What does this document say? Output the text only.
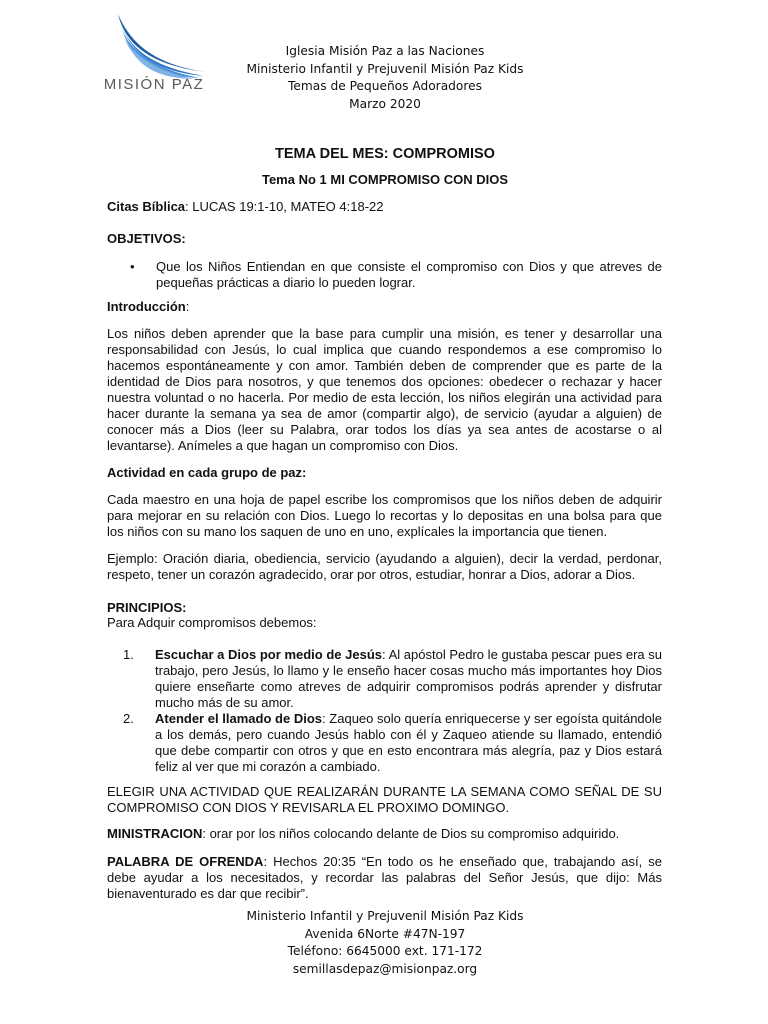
MISIÓN PAZ
Iglesia Misión Paz a las Naciones
Ministerio Infantil y Prejuvenil Misión Paz Kids
Temas de Pequeños Adoradores
Marzo 2020
TEMA DEL MES: COMPROMISO
Tema No 1 MI COMPROMISO CON DIOS
Citas Bíblica: LUCAS 19:1-10, MATEO 4:18-22
OBJETIVOS:
• Que los Niños Entiendan en que consiste el compromiso con Dios y que atreves de pequeñas prácticas a diario lo pueden lograr.
Introducción:
Los niños deben aprender que la base para cumplir una misión, es tener y desarrollar una responsabilidad con Jesús, lo cual implica que cuando respondemos a ese compromiso lo hacemos espontáneamente y con amor. También deben de comprender que es parte de la identidad de Dios para nosotros, y que tenemos dos opciones: obedecer o rechazar y hacer nuestra voluntad o no hacerla. Por medio de esta lección, los niños elegirán una actividad para hacer durante la semana ya sea de amor (compartir algo), de servicio (ayudar a alguien) de conocer más a Dios (leer su Palabra, orar todos los días ya sea antes de acostarse o al levantarse). Anímeles a que hagan un compromiso con Dios.
Actividad en cada grupo de paz:
Cada maestro en una hoja de papel escribe los compromisos que los niños deben de adquirir para mejorar en su relación con Dios. Luego lo recortas y lo depositas en una bolsa para que los niños con su mano los saquen de uno en uno, explícales la importancia que tienen.
Ejemplo: Oración diaria, obediencia, servicio (ayudando a alguien), decir la verdad, perdonar, respeto, tener un corazón agradecido, orar por otros, estudiar, honrar a Dios, adorar a Dios.
PRINCIPIOS:
Para Adquir compromisos debemos:
1. Escuchar a Dios por medio de Jesús: Al apóstol Pedro le gustaba pescar pues era su trabajo, pero Jesús, lo llamo y le enseño hacer cosas mucho más importantes hoy Dios quiere enseñarte como atreves de adquirir compromisos podrás aprender y disfrutar mucho más de su amor.
2. Atender el llamado de Dios: Zaqueo solo quería enriquecerse y ser egoísta quitándole a los demás, pero cuando Jesús hablo con él y Zaqueo atiende su llamado, entendió que debe compartir con otros y que en esto encontrara más alegría, paz y Dios estará feliz al ver que mi corazón a cambiado.
ELEGIR UNA ACTIVIDAD QUE REALIZARÁN DURANTE LA SEMANA COMO SEÑAL DE SU COMPROMISO CON DIOS Y REVISARLA EL PROXIMO DOMINGO.
MINISTRACION: orar por los niños colocando delante de Dios su compromiso adquirido.
PALABRA DE OFRENDA: Hechos 20:35 “En todo os he enseñado que, trabajando así, se debe ayudar a los necesitados, y recordar las palabras del Señor Jesús, que dijo: Más bienaventurado es dar que recibir”.
Ministerio Infantil y Prejuvenil Misión Paz Kids
Avenida 6Norte #47N-197
Teléfono: 6645000 ext. 171-172
semillasdepaz@misionpaz.org
